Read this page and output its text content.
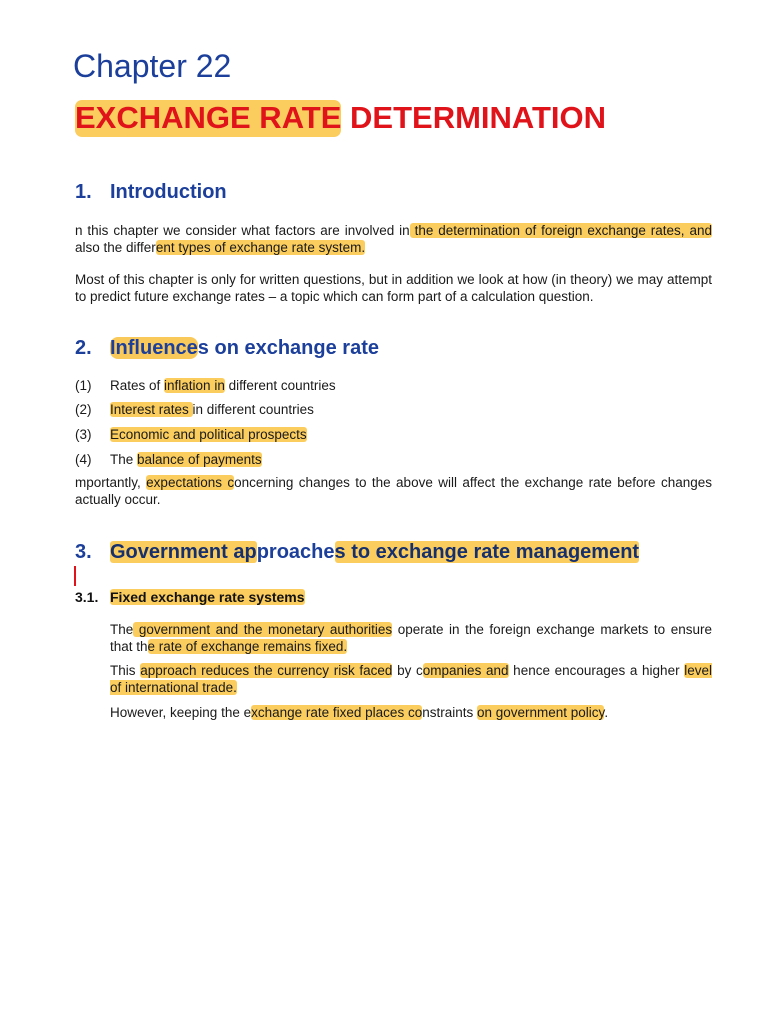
Chapter 22
EXCHANGE RATE DETERMINATION
1. Introduction

n this chapter we consider what factors are involved in the determination of foreign exchange rates, and also the different types of exchange rate system.

Most of this chapter is only for written questions, but in addition we look at how (in theory) we may attempt to predict future exchange rates – a topic which can form part of a calculation question.

2. Influences on exchange rate
(1) Rates of inflation in different countries
(2) Interest rates in different countries
(3) Economic and political prospects
(4) The balance of payments

mportantly, expectations concerning changes to the above will affect the exchange rate before changes actually occur.

3. Government approaches to exchange rate management
3.1. Fixed exchange rate systems

The government and the monetary authorities operate in the foreign exchange markets to ensure that the rate of exchange remains fixed.

This approach reduces the currency risk faced by companies and hence encourages a higher level of international trade.

However, keeping the exchange rate fixed places constraints on government policy.
